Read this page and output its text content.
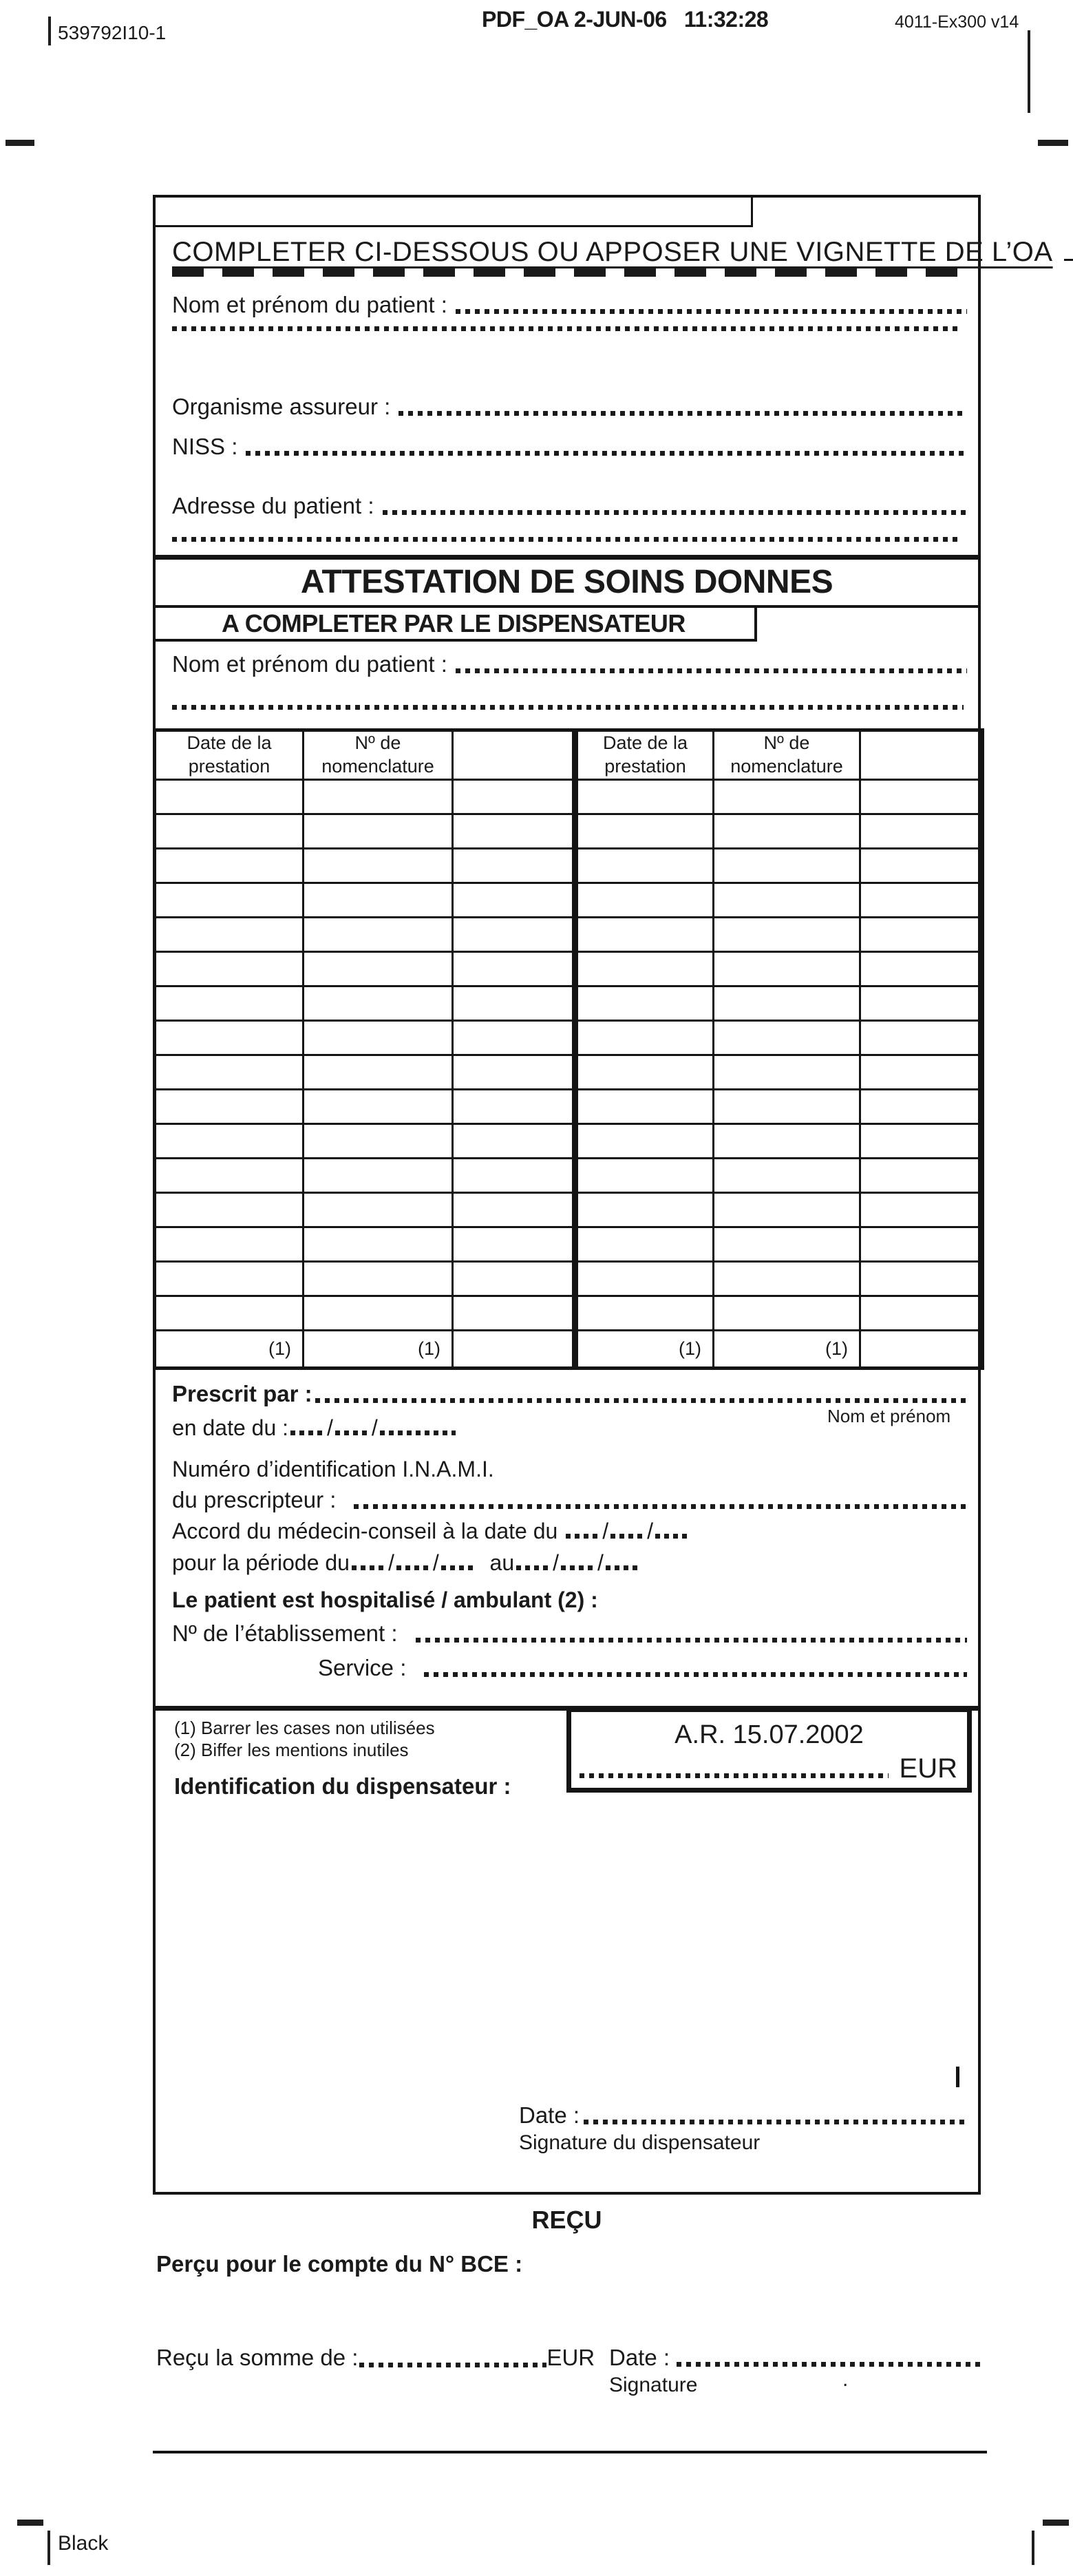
539792I10-1
PDF_OA 2-JUN-06   11:32:28	4011-Ex300 v14
COMPLETER CI-DESSOUS OU APPOSER UNE VIGNETTE DE L’OA
Nom et prénom du patient :
Organisme assureur :
NISS :
Adresse du patient :
ATTESTATION DE SOINS DONNES
A COMPLETER PAR LE DISPENSATEUR
Nom et prénom du patient :
Date de la prestation	Nº de nomenclature		Date de la prestation	Nº de nomenclature	

(1)	(1)		(1)	(1)	
Prescrit par :
Nom et prénom
en date du : / /
Numéro d’identification I.N.A.M.I.
du prescripteur :
Accord du médecin-conseil à la date du / /
pour la période du / / au / /
Le patient est hospitalisé / ambulant (2) :
Nº de l’établissement :
Service :
(1) Barrer les cases non utilisées
(2) Biffer les mentions inutiles
A.R. 15.07.2002
EUR
Identification du dispensateur :
Date :
Signature du dispensateur
REÇU
Perçu pour le compte du N° BCE :
Reçu la somme de :	EUR Date :
Signature	.
Black
